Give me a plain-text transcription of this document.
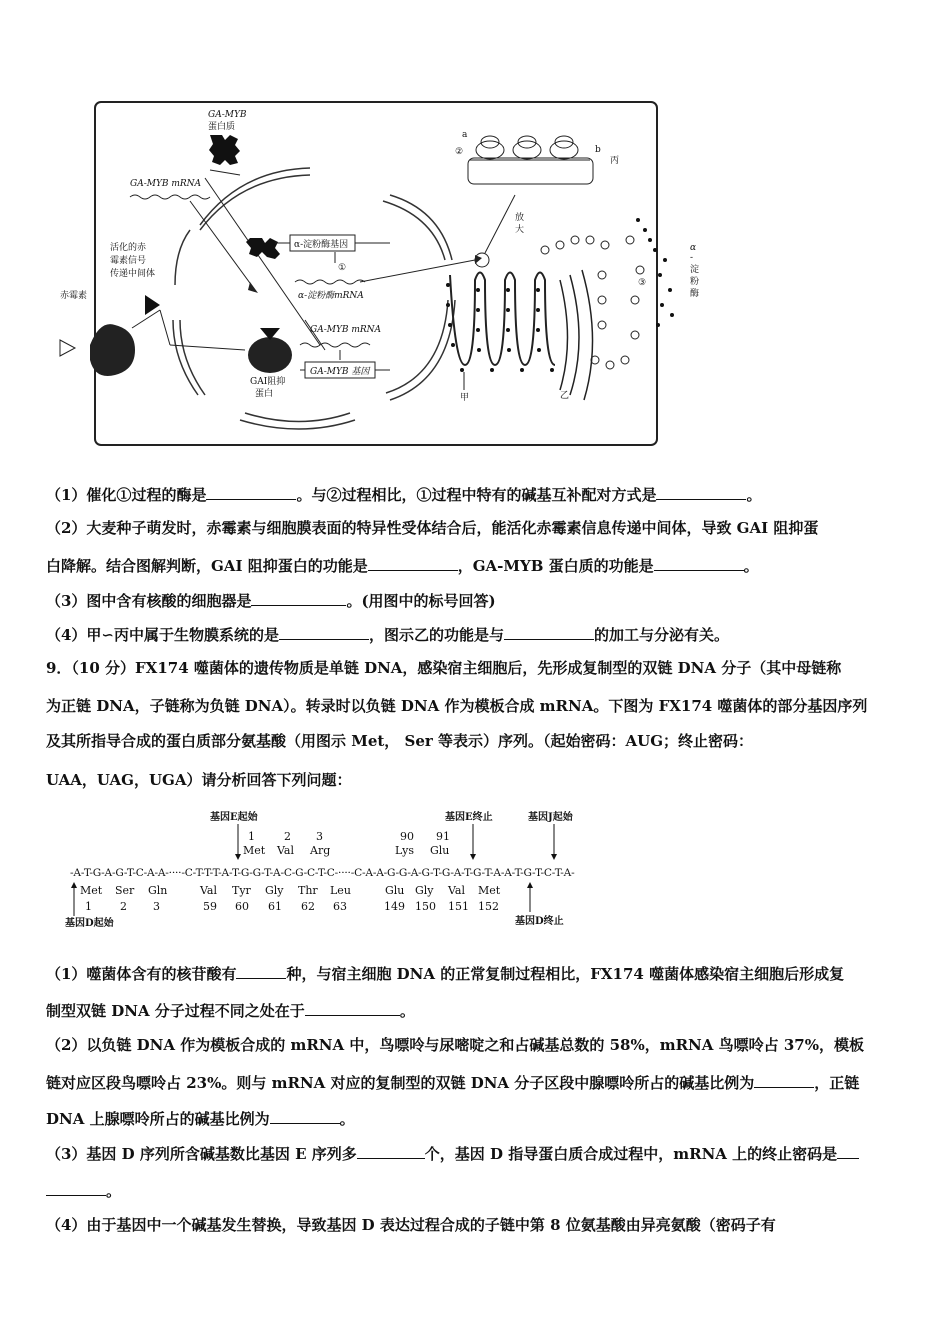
GA-MYB
蛋白质
GA-MYB mRNA
活化的赤
霉素信号
传递中间体
赤霉素
GAI阻抑
蛋白
α-淀粉酶基因
①
α-淀粉酶mRNA
GA-MYB mRNA
GA-MYB 基因
放
大
甲	乙
③
α
-
淀
粉
酶
a
②	b
丙
（1）催化①过程的酶是	。与②过程相比，①过程中特有的碱基互补配对方式是	。
（2）大麦种子萌发时，赤霉素与细胞膜表面的特异性受体结合后，能活化赤霉素信息传递中间体，导致 GAI 阻抑蛋
白降解。结合图解判断，GAI 阻抑蛋白的功能是	，GA-MYB 蛋白质的功能是	。
（3）图中含有核酸的细胞器是	。(用图中的标号回答)
（4）甲∽丙中属于生物膜系统的是	，图示乙的功能是与	的加工与分泌有关。
9．（10 分）FX174 噬菌体的遗传物质是单链 DNA，感染宿主细胞后，先形成复制型的双链 DNA 分子（其中母链称
为正链 DNA，子链称为负链 DNA）。转录时以负链 DNA 作为模板合成 mRNA。下图为 FX174 噬菌体的部分基因序列
及其所指导合成的蛋白质部分氨基酸（用图示 Met， Ser 等表示）序列。（起始密码：AUG；终止密码：
UAA，UAG，UGA）请分析回答下列问题：
基因E起始	基因E终止	基因J起始
1	2 3	90 91
Met Val Arg	Lys Glu
-A-T-G-A-G-T-C-A-A-····-C-T-T-T-A-T-G-G-T-A-C-G-C-T-C-····-C-A-A-G-G-A-G-T-G-A-T-G-T-A-A-T-G-T-C-T-A-
Met Ser Gln	Val Tyr Gly Thr Leu	Glu Gly Val Met
1	2 3	59 60 61 62 63	149 150 151 152
基因D起始	基因D终止
（1）噬菌体含有的核苷酸有	种，与宿主细胞 DNA 的正常复制过程相比，FX174 噬菌体感染宿主细胞后形成复
制型双链 DNA 分子过程不同之处在于	。
（2）以负链 DNA 作为模板合成的 mRNA 中，鸟嘌呤与尿嘧啶之和占碱基总数的 58%，mRNA 鸟嘌呤占 37%，模板
链对应区段鸟嘌呤占 23%。则与 mRNA 对应的复制型的双链 DNA 分子区段中腺嘌呤所占的碱基比例为	，正链
DNA 上腺嘌呤所占的碱基比例为	。
（3）基因 D 序列所含碱基数比基因 E 序列多	个，基因 D 指导蛋白质合成过程中，mRNA 上的终止密码是
。
（4）由于基因中一个碱基发生替换，导致基因 D 表达过程合成的子链中第 8 位氨基酸由异亮氨酸（密码子有
